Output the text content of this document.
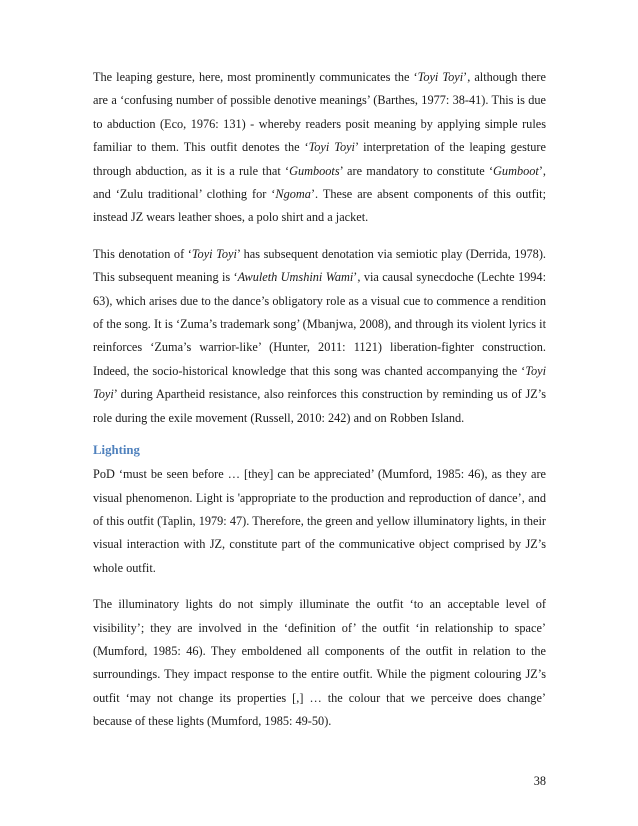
The leaping gesture, here, most prominently communicates the ‘Toyi Toyi’, although there are a ‘confusing number of possible denotive meanings’ (Barthes, 1977: 38-41). This is due to abduction (Eco, 1976: 131) - whereby readers posit meaning by applying simple rules familiar to them. This outfit denotes the ‘Toyi Toyi’ interpretation of the leaping gesture through abduction, as it is a rule that ‘Gumboots’ are mandatory to constitute ‘Gumboot’, and ‘Zulu traditional’ clothing for ‘Ngoma’. These are absent components of this outfit; instead JZ wears leather shoes, a polo shirt and a jacket.

This denotation of ‘Toyi Toyi’ has subsequent denotation via semiotic play (Derrida, 1978). This subsequent meaning is ‘Awuleth Umshini Wami’, via causal synecdoche (Lechte 1994: 63), which arises due to the dance’s obligatory role as a visual cue to commence a rendition of the song. It is ‘Zuma’s trademark song’ (Mbanjwa, 2008), and through its violent lyrics it reinforces ‘Zuma’s warrior-like’ (Hunter, 2011: 1121) liberation-fighter construction. Indeed, the socio-historical knowledge that this song was chanted accompanying the ‘Toyi Toyi’ during Apartheid resistance, also reinforces this construction by reminding us of JZ’s role during the exile movement (Russell, 2010: 242) and on Robben Island.

Lighting

PoD ‘must be seen before … [they] can be appreciated’ (Mumford, 1985: 46), as they are visual phenomenon. Light is 'appropriate to the production and reproduction of dance’, and of this outfit (Taplin, 1979: 47). Therefore, the green and yellow illuminatory lights, in their visual interaction with JZ, constitute part of the communicative object comprised by JZ’s whole outfit.

The illuminatory lights do not simply illuminate the outfit ‘to an acceptable level of visibility’; they are involved in the ‘definition of’ the outfit ‘in relationship to space’ (Mumford, 1985: 46). They emboldened all components of the outfit in relation to the surroundings. They impact response to the entire outfit. While the pigment colouring JZ’s outfit ‘may not change its properties [,] … the colour that we perceive does change’ because of these lights (Mumford, 1985: 49-50).

38
